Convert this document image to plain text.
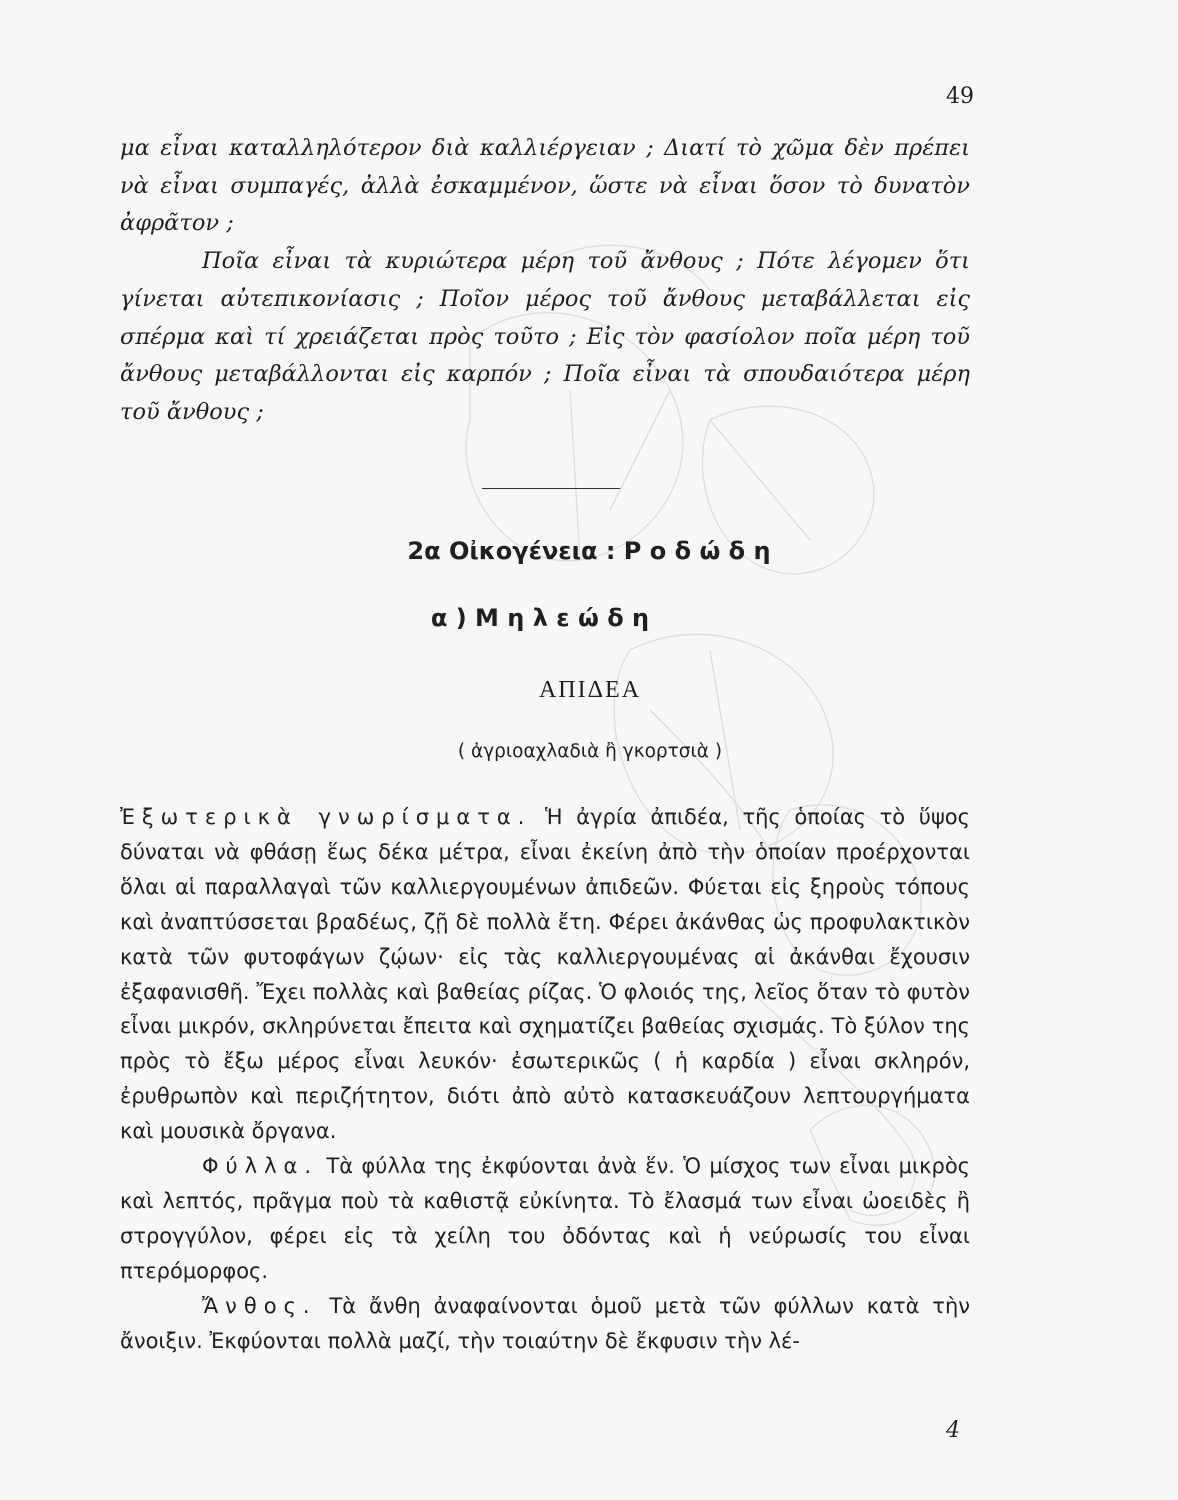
49

μα εἶναι καταλληλότερον διὰ καλλιέργειαν ; Διατί τὸ χῶμα δὲν πρέπει νὰ εἶναι συμπαγές, ἀλλὰ ἐσκαμμένον, ὥστε νὰ εἶναι ὅσον τὸ δυνατὸν ἀφρᾶτον ;

Ποῖα εἶναι τὰ κυριώτερα μέρη τοῦ ἄνθους ; Πότε λέγομεν ὅτι γίνεται αὐτεπικονίασις ; Ποῖον μέρος τοῦ ἄνθους μεταβάλλεται εἰς σπέρμα καὶ τί χρειάζεται πρὸς τοῦτο ; Εἰς τὸν φασίολον ποῖα μέρη τοῦ ἄνθους μεταβάλλονται εἰς καρπόν ; Ποῖα εἶναι τὰ σπουδαιότερα μέρη τοῦ ἄνθους ;

2α Οἰκογένεια : Ρ ο δ ώ δ η
α ) Μ η λ ε ώ δ η
ΑΠΙΔΕΑ
( ἀγριοαχλαδιὰ ἢ γκορτσιὰ )

Ἐξωτερικὰ γνωρίσματα. Ἡ ἀγρία ἀπιδέα, τῆς ὁποίας τὸ ὕψος δύναται νὰ φθάσῃ ἕως δέκα μέτρα, εἶναι ἐκείνη ἀπὸ τὴν ὁποίαν προέρχονται ὅλαι αἱ παραλλαγαὶ τῶν καλλιεργουμένων ἀπιδεῶν. Φύεται εἰς ξηροὺς τόπους καὶ ἀναπτύσσεται βραδέως, ζῇ δὲ πολλὰ ἔτη. Φέρει ἀκάνθας ὡς προφυλακτικὸν κατὰ τῶν φυτοφάγων ζῴων· εἰς τὰς καλλιεργουμένας αἱ ἀκάνθαι ἔχουσιν ἐξαφανισθῆ. Ἔχει πολλὰς καὶ βαθείας ρίζας. Ὁ φλοιός της, λεῖος ὅταν τὸ φυτὸν εἶναι μικρόν, σκληρύνεται ἔπειτα καὶ σχηματίζει βαθείας σχισμάς. Τὸ ξύλον της πρὸς τὸ ἔξω μέρος εἶναι λευκόν· ἐσωτερικῶς ( ἡ καρδία ) εἶναι σκληρόν, ἐρυθρωπὸν καὶ περιζήτητον, διότι ἀπὸ αὐτὸ κατασκευάζουν λεπτουργήματα καὶ μουσικὰ ὄργανα.

Φύλλα. Τὰ φύλλα της ἐκφύονται ἀνὰ ἕν. Ὁ μίσχος των εἶναι μικρὸς καὶ λεπτός, πρᾶγμα ποὺ τὰ καθιστᾷ εὐκίνητα. Τὸ ἔλασμά των εἶναι ὠοειδὲς ἢ στρογγύλον, φέρει εἰς τὰ χείλη του ὀδόντας καὶ ἡ νεύρωσίς του εἶναι πτερόμορφος.

Ἄνθος. Τὰ ἄνθη ἀναφαίνονται ὁμοῦ μετὰ τῶν φύλλων κατὰ τὴν ἄνοιξιν. Ἐκφύονται πολλὰ μαζί, τὴν τοιαύτην δὲ ἔκφυσιν τὴν λέ-

4
